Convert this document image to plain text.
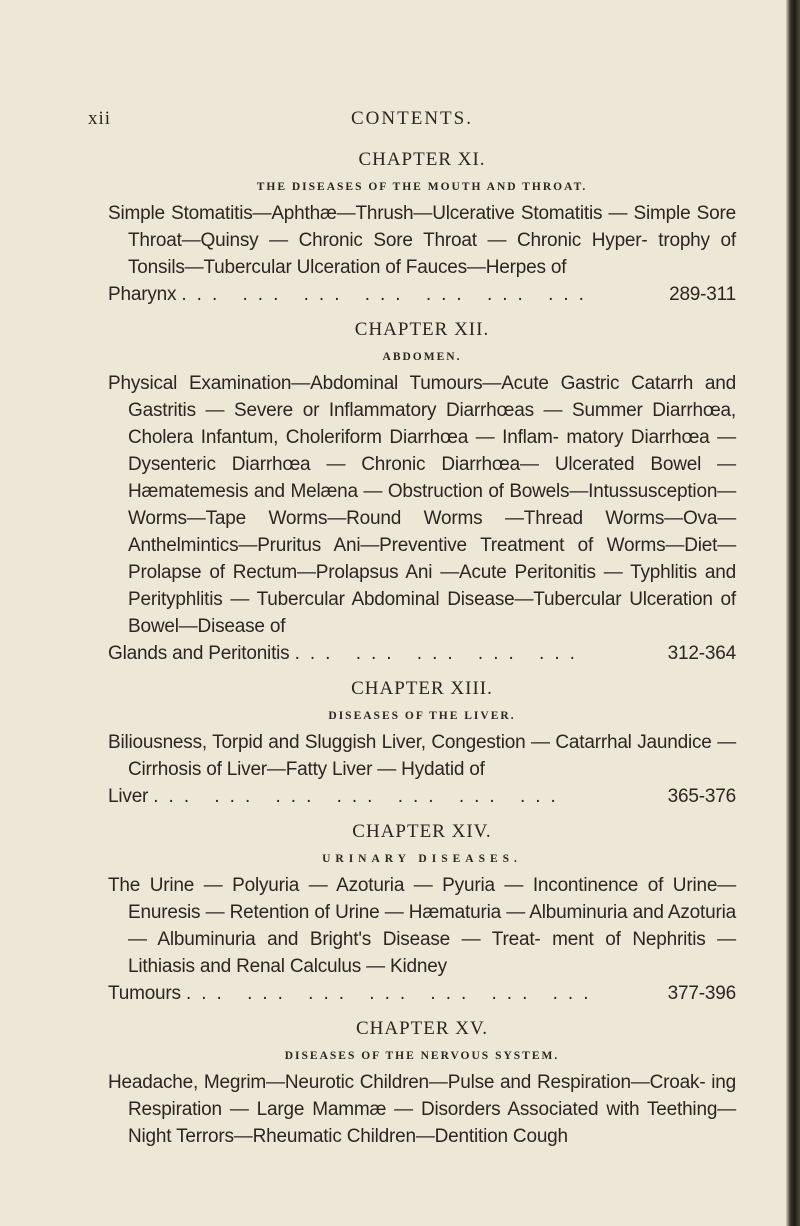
xii	CONTENTS.
CHAPTER XI.
THE DISEASES OF THE MOUTH AND THROAT.
Simple Stomatitis—Aphthæ—Thrush—Ulcerative Stomatitis — Simple Sore Throat—Quinsy — Chronic Sore Throat — Chronic Hyper- trophy of Tonsils—Tubercular Ulceration of Fauces—Herpes of
Pharynx ... ... ... ... ... ... ...	289-311
CHAPTER XII.
ABDOMEN.
Physical Examination—Abdominal Tumours—Acute Gastric Catarrh and Gastritis — Severe or Inflammatory Diarrhœas — Summer Diarrhœa, Cholera Infantum, Choleriform Diarrhœa — Inflam- matory Diarrhœa — Dysenteric Diarrhœa — Chronic Diarrhœa— Ulcerated Bowel — Hæmatemesis and Melæna — Obstruction of Bowels—Intussusception—Worms—Tape Worms—Round Worms —Thread Worms—Ova—Anthelmintics—Pruritus Ani—Preventive Treatment of Worms—Diet—Prolapse of Rectum—Prolapsus Ani —Acute Peritonitis — Typhlitis and Perityphlitis — Tubercular Abdominal Disease—Tubercular Ulceration of Bowel—Disease of
Glands and Peritonitis ... ... ... ... ...	312-364
CHAPTER XIII.
DISEASES OF THE LIVER.
Biliousness, Torpid and Sluggish Liver, Congestion — Catarrhal Jaundice — Cirrhosis of Liver—Fatty Liver — Hydatid of
Liver ... ... ... ... ... ... ...	365-376
CHAPTER XIV.
URINARY DISEASES.
The Urine — Polyuria — Azoturia — Pyuria — Incontinence of Urine— Enuresis — Retention of Urine — Hæmaturia — Albuminuria and Azoturia — Albuminuria and Bright's Disease — Treat- ment of Nephritis — Lithiasis and Renal Calculus — Kidney
Tumours ... ... ... ... ... ... ...	377-396
CHAPTER XV.
DISEASES OF THE NERVOUS SYSTEM.
Headache, Megrim—Neurotic Children—Pulse and Respiration—Croak- ing Respiration — Large Mammæ — Disorders Associated with Teething—Night Terrors—Rheumatic Children—Dentition Cough
